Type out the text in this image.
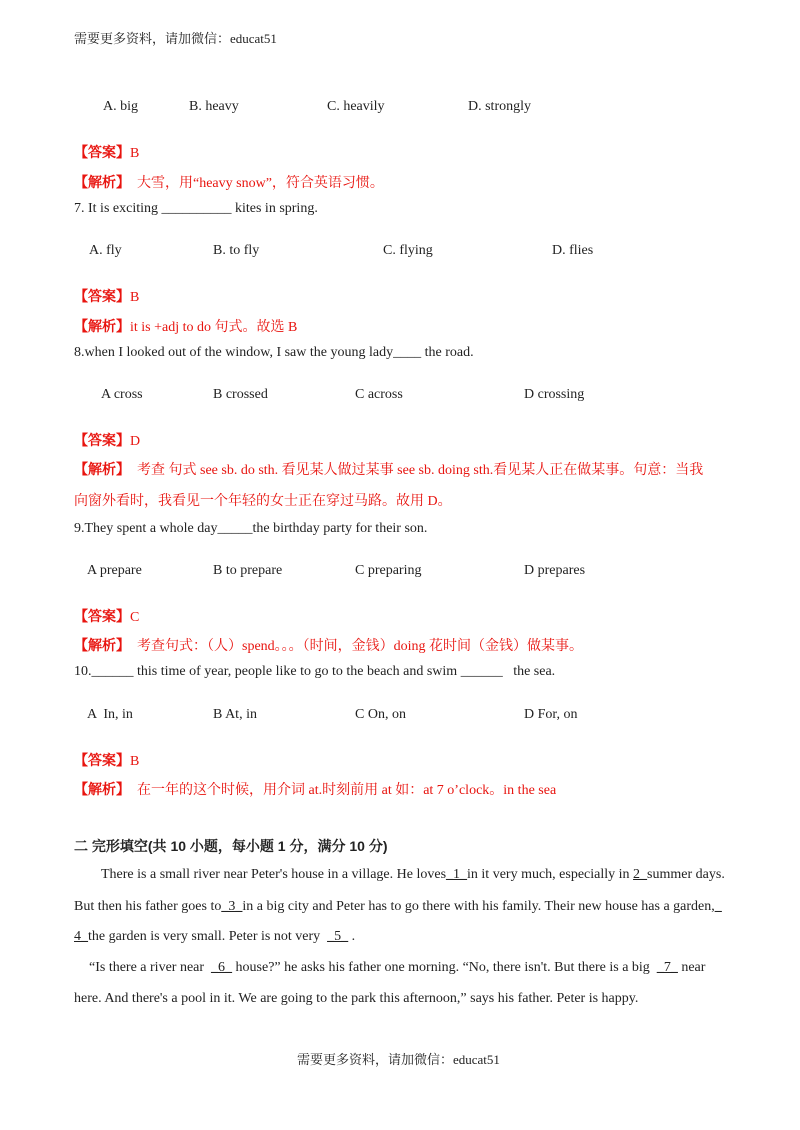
需要更多资料，请加微信：educat51
A. big	B. heavy	C. heavily	D. strongly
【答案】B
【解析】 大雪，用“heavy snow”，符合英语习惯。
7. It is exciting __________ kites in spring.
A. fly	B. to fly	C. flying	D. flies
【答案】B
【解析】it is +adj to do 句式。故选 B
8.when I looked out of the window, I saw the young lady____ the road.
A cross	B crossed	C across	D crossing
【答案】D
【解析】 考查 句式 see sb. do sth. 看见某人做过某事 see sb. doing sth.看见某人正在做某事。句意：当我
向窗外看时，我看见一个年轻的女士正在穿过马路。故用 D。
9.They spent a whole day_____the birthday party for their son.
A prepare	B to prepare	C preparing	D prepares
【答案】C
【解析】 考查句式：（人）spend。。。（时间，金钱）doing 花时间（金钱）做某事。
10.______ this time of year, people like to go to the beach and swim ______   the sea.
A  In, in	B At, in	C On, on	D For, on
【答案】B
【解析】 在一年的这个时候，用介词 at.时刻前用 at 如：at 7 o’clock。in the sea
二 完形填空(共 10 小题，每小题 1 分，满分 10 分)
There is a small river near Peter's house in a village. He loves_1_in it very much, especially in 2_summer days.
But then his father goes to_3_in a big city and Peter has to go there with his family. Their new house has a garden,_
4_the garden is very small. Peter is not very _5_ .
“Is there a river near _6_ house?” he asks his father one morning. “No, there isn't. But there is a big _7_ near
here. And there's a pool in it. We are going to the park this afternoon,” says his father. Peter is happy.
需要更多资料，请加微信：educat51
